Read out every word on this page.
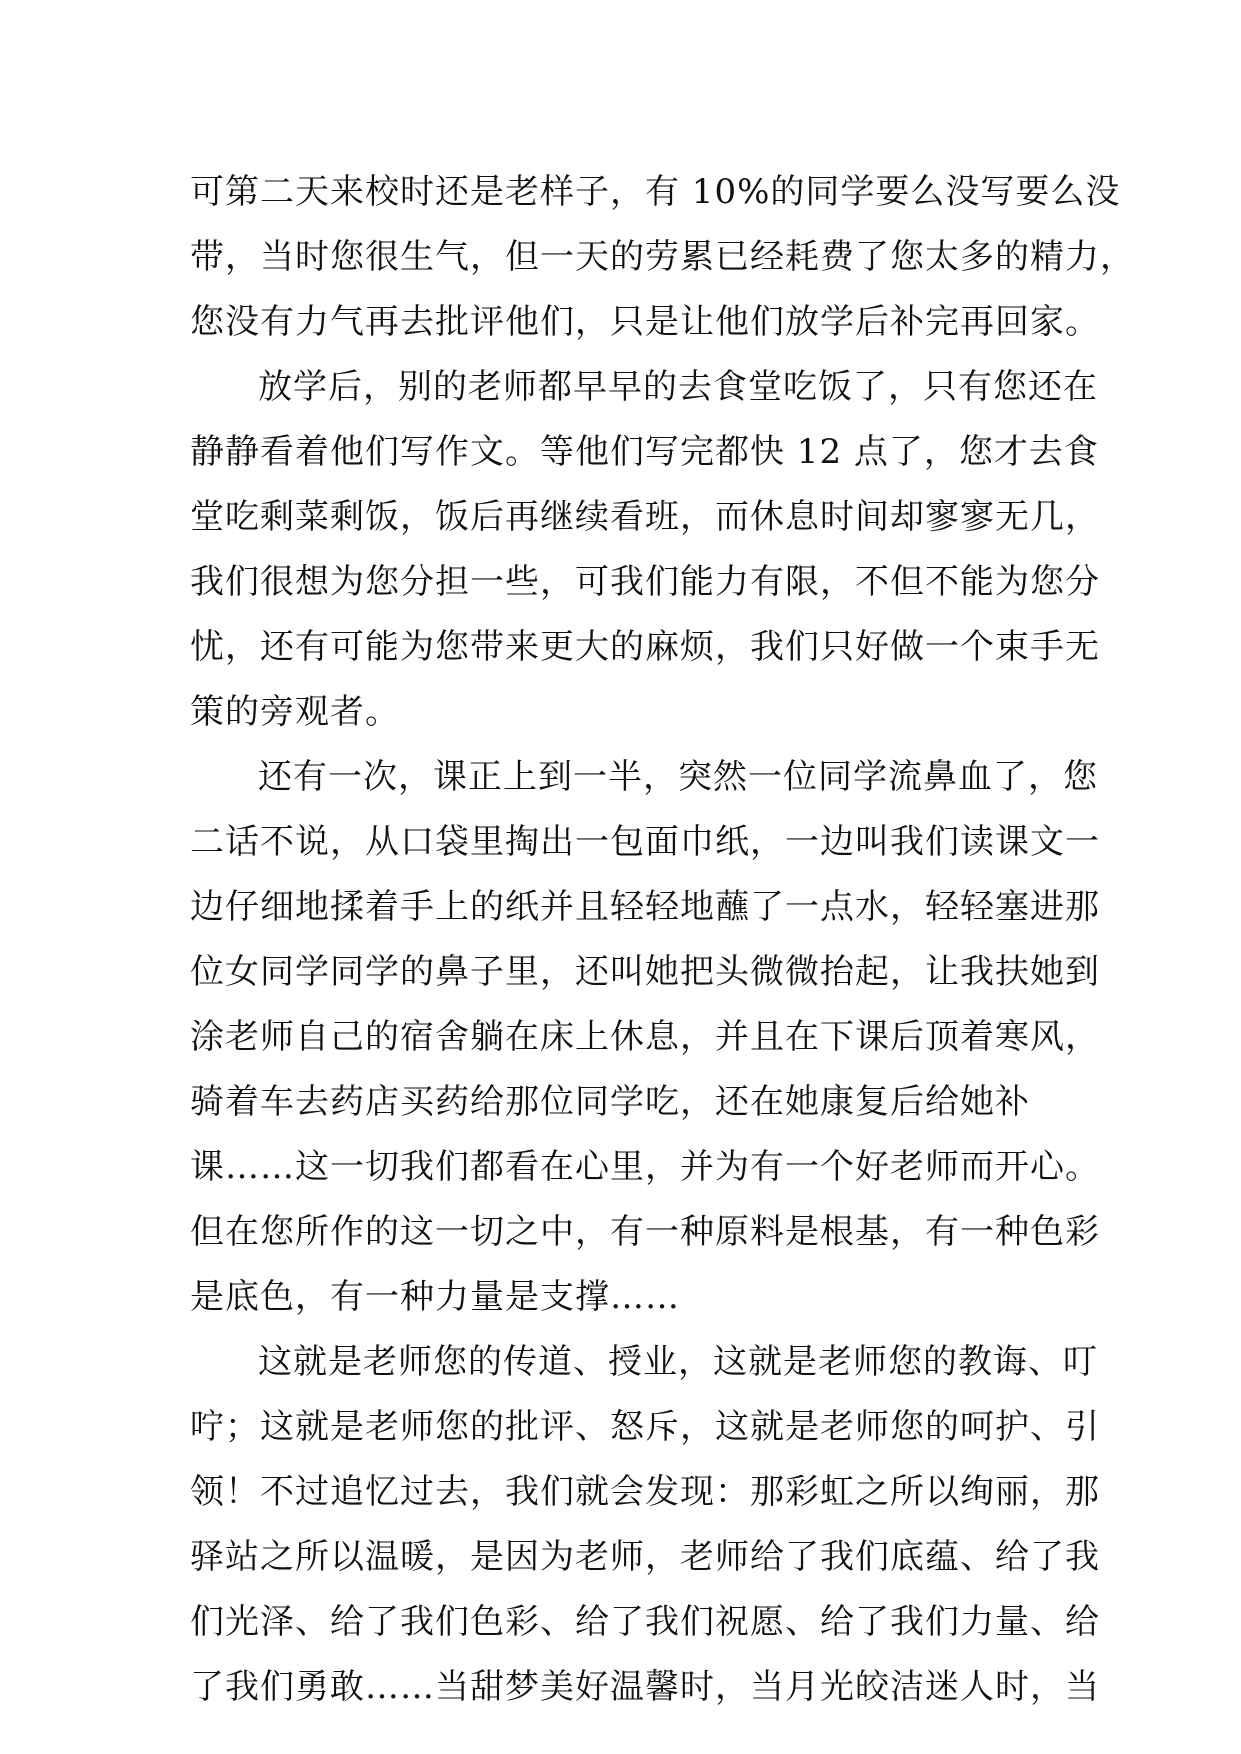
可第二天来校时还是老样子，有 10%的同学要么没写要么没
带，当时您很生气，但一天的劳累已经耗费了您太多的精力，
您没有力气再去批评他们，只是让他们放学后补完再回家。
放学后，别的老师都早早的去食堂吃饭了，只有您还在
静静看着他们写作文。等他们写完都快 12 点了，您才去食
堂吃剩菜剩饭，饭后再继续看班，而休息时间却寥寥无几，
我们很想为您分担一些，可我们能力有限，不但不能为您分
忧，还有可能为您带来更大的麻烦，我们只好做一个束手无
策的旁观者。
还有一次，课正上到一半，突然一位同学流鼻血了，您
二话不说，从口袋里掏出一包面巾纸，一边叫我们读课文一
边仔细地揉着手上的纸并且轻轻地蘸了一点水，轻轻塞进那
位女同学同学的鼻子里，还叫她把头微微抬起，让我扶她到
涂老师自己的宿舍躺在床上休息，并且在下课后顶着寒风，
骑着车去药店买药给那位同学吃，还在她康复后给她补
课……这一切我们都看在心里，并为有一个好老师而开心。
但在您所作的这一切之中，有一种原料是根基，有一种色彩
是底色，有一种力量是支撑……
这就是老师您的传道、授业，这就是老师您的教诲、叮
咛；这就是老师您的批评、怒斥，这就是老师您的呵护、引
领！不过追忆过去，我们就会发现：那彩虹之所以绚丽，那
驿站之所以温暖，是因为老师，老师给了我们底蕴、给了我
们光泽、给了我们色彩、给了我们祝愿、给了我们力量、给
了我们勇敢……当甜梦美好温馨时，当月光皎洁迷人时，当
